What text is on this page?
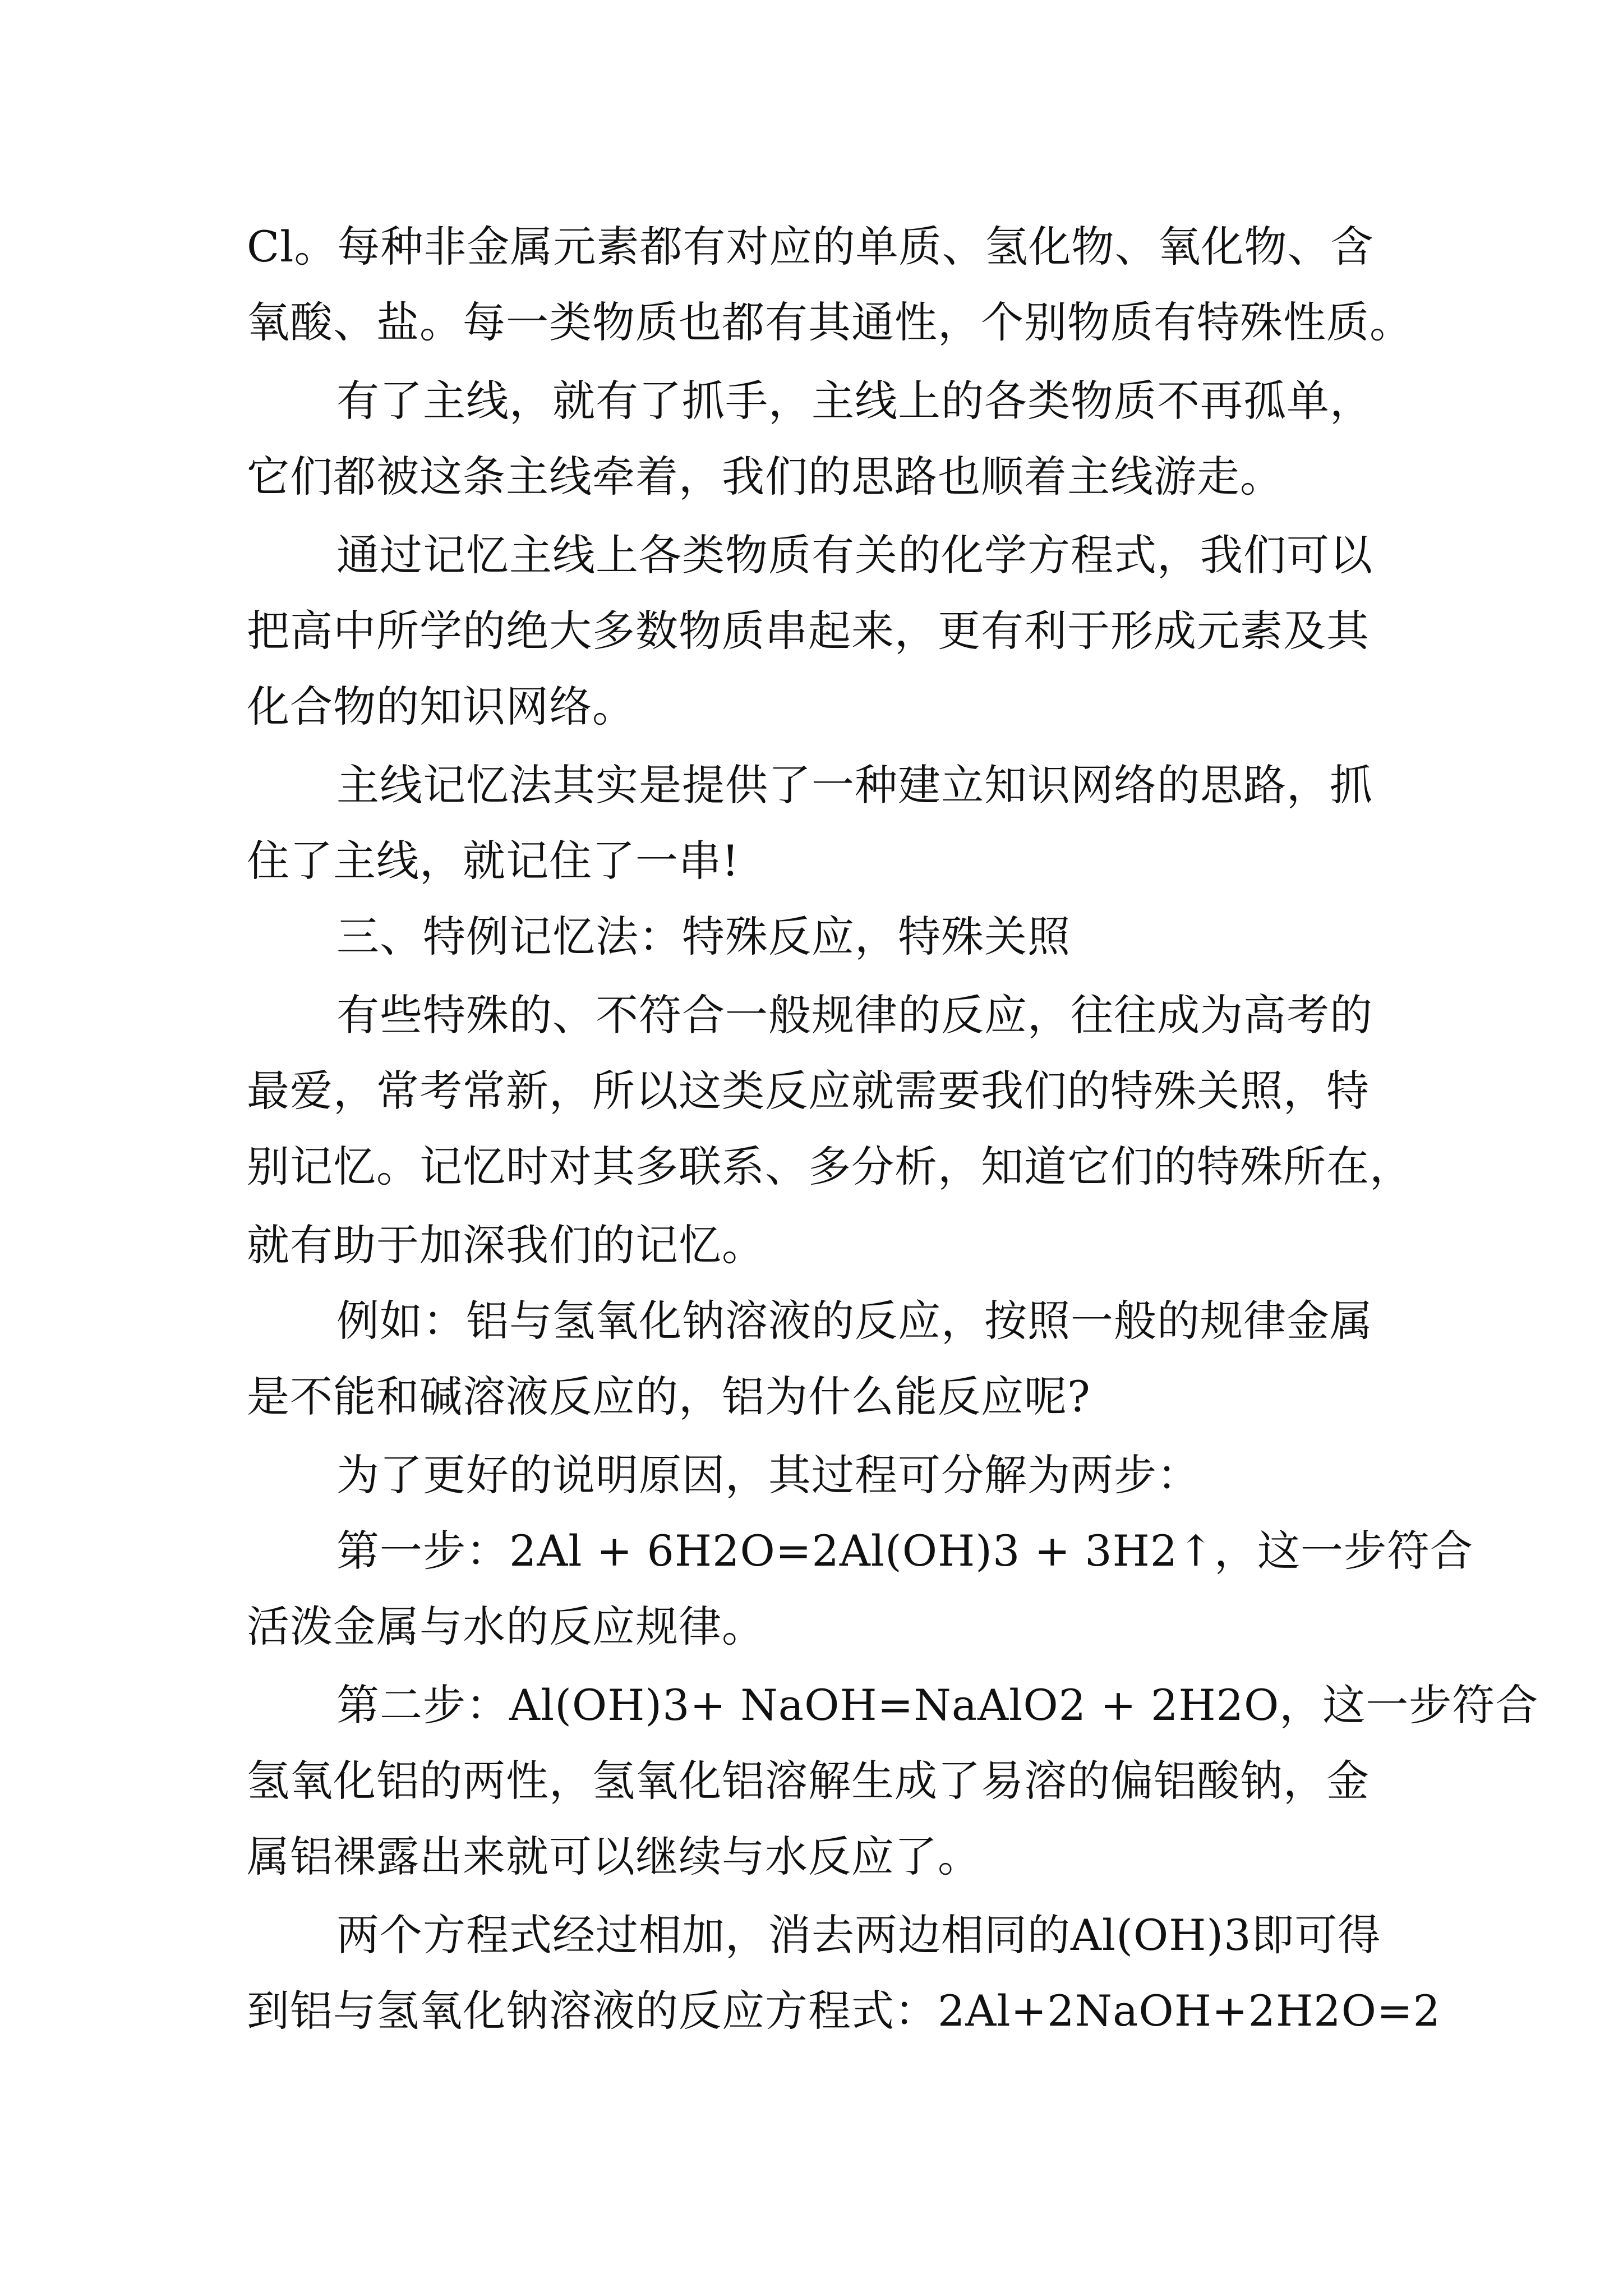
Cl。每种非金属元素都有对应的单质、氢化物、氧化物、含

氧酸、盐。每一类物质也都有其通性，个别物质有特殊性质。

有了主线，就有了抓手，主线上的各类物质不再孤单，

它们都被这条主线牵着，我们的思路也顺着主线游走。

通过记忆主线上各类物质有关的化学方程式，我们可以

把高中所学的绝大多数物质串起来，更有利于形成元素及其

化合物的知识网络。

主线记忆法其实是提供了一种建立知识网络的思路，抓

住了主线，就记住了一串!

三、特例记忆法：特殊反应，特殊关照

有些特殊的、不符合一般规律的反应，往往成为高考的

最爱，常考常新，所以这类反应就需要我们的特殊关照，特

别记忆。记忆时对其多联系、多分析，知道它们的特殊所在，

就有助于加深我们的记忆。

例如：铝与氢氧化钠溶液的反应，按照一般的规律金属

是不能和碱溶液反应的，铝为什么能反应呢?

为了更好的说明原因，其过程可分解为两步：

第一步：2Al + 6H2O=2Al(OH)3 + 3H2↑，这一步符合

活泼金属与水的反应规律。

第二步：Al(OH)3+ NaOH=NaAlO2 + 2H2O，这一步符合

氢氧化铝的两性，氢氧化铝溶解生成了易溶的偏铝酸钠，金

属铝裸露出来就可以继续与水反应了。

两个方程式经过相加，消去两边相同的Al(OH)3即可得

到铝与氢氧化钠溶液的反应方程式：2Al+2NaOH+2H2O=2
